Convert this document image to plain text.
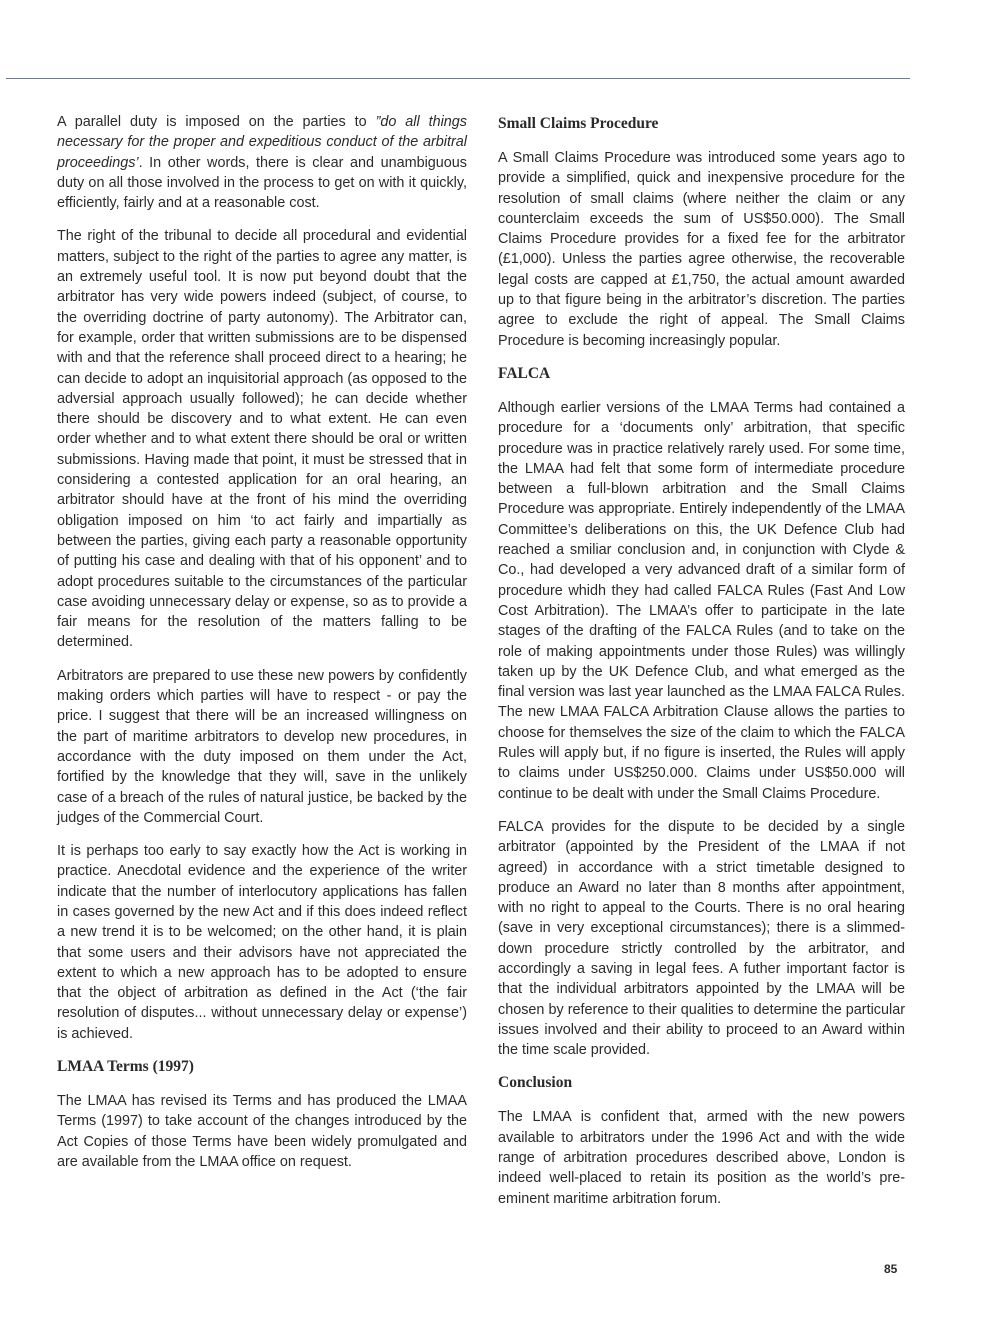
A parallel duty is imposed on the parties to ”do all things necessary for the proper and expeditious conduct of the arbitral proceedings’. In other words, there is clear and unambiguous duty on all those involved in the process to get on with it quickly, efficiently, fairly and at a reasonable cost.

The right of the tribunal to decide all procedural and evidential matters, subject to the right of the parties to agree any matter, is an extremely useful tool. It is now put beyond doubt that the arbitrator has very wide powers indeed (subject, of course, to the overriding doctrine of party autonomy). The Arbitrator can, for example, order that written submissions are to be dispensed with and that the reference shall proceed direct to a hearing; he can decide to adopt an inquisitorial approach (as opposed to the adversial approach usually followed); he can decide whether there should be discovery and to what extent. He can even order whether and to what extent there should be oral or written submissions. Having made that point, it must be stressed that in considering a contested application for an oral hearing, an arbitrator should have at the front of his mind the overriding obligation imposed on him ‘to act fairly and impartially as between the parties, giving each party a reasonable opportunity of putting his case and dealing with that of his opponent’ and to adopt procedures suitable to the circumstances of the particular case avoiding unnecessary delay or expense, so as to provide a fair means for the resolution of the matters falling to be determined.

Arbitrators are prepared to use these new powers by confidently making orders which parties will have to respect - or pay the price. I suggest that there will be an increased willingness on the part of maritime arbitrators to develop new procedures, in accordance with the duty imposed on them under the Act, fortified by the knowledge that they will, save in the unlikely case of a breach of the rules of natural justice, be backed by the judges of the Commercial Court.

It is perhaps too early to say exactly how the Act is working in practice. Anecdotal evidence and the experience of the writer indicate that the number of interlocutory applications has fallen in cases governed by the new Act and if this does indeed reflect a new trend it is to be welcomed; on the other hand, it is plain that some users and their advisors have not appreciated the extent to which a new approach has to be adopted to ensure that the object of arbitration as defined in the Act (‘the fair resolution of disputes... without unnecessary delay or expense’) is achieved.

LMAA Terms (1997)

The LMAA has revised its Terms and has produced the LMAA Terms (1997) to take account of the changes introduced by the Act Copies of those Terms have been widely promulgated and are available from the LMAA office on request.

Small Claims Procedure

A Small Claims Procedure was introduced some years ago to provide a simplified, quick and inexpensive procedure for the resolution of small claims (where neither the claim or any counterclaim exceeds the sum of US$50.000). The Small Claims Procedure provides for a fixed fee for the arbitrator (£1,000). Unless the parties agree otherwise, the recoverable legal costs are capped at £1,750, the actual amount awarded up to that figure being in the arbitrator’s discretion. The parties agree to exclude the right of appeal. The Small Claims Procedure is becoming increasingly popular.

FALCA

Although earlier versions of the LMAA Terms had contained a procedure for a ‘documents only’ arbitration, that specific procedure was in practice relatively rarely used. For some time, the LMAA had felt that some form of intermediate procedure between a full-blown arbitration and the Small Claims Procedure was appropriate. Entirely independently of the LMAA Committee’s deliberations on this, the UK Defence Club had reached a smiliar conclusion and, in conjunction with Clyde & Co., had developed a very advanced draft of a similar form of procedure whidh they had called FALCA Rules (Fast And Low Cost Arbitration). The LMAA’s offer to participate in the late stages of the drafting of the FALCA Rules (and to take on the role of making appointments under those Rules) was willingly taken up by the UK Defence Club, and what emerged as the final version was last year launched as the LMAA FALCA Rules. The new LMAA FALCA Arbitration Clause allows the parties to choose for themselves the size of the claim to which the FALCA Rules will apply but, if no figure is inserted, the Rules will apply to claims under US$250.000. Claims under US$50.000 will continue to be dealt with under the Small Claims Procedure.

FALCA provides for the dispute to be decided by a single arbitrator (appointed by the President of the LMAA if not agreed) in accordance with a strict timetable designed to produce an Award no later than 8 months after appointment, with no right to appeal to the Courts. There is no oral hearing (save in very exceptional circumstances); there is a slimmed-down procedure strictly controlled by the arbitrator, and accordingly a saving in legal fees. A futher important factor is that the individual arbitrators appointed by the LMAA will be chosen by reference to their qualities to determine the particular issues involved and their ability to proceed to an Award within the time scale provided.

Conclusion

The LMAA is confident that, armed with the new powers available to arbitrators under the 1996 Act and with the wide range of arbitration procedures described above, London is indeed well-placed to retain its position as the world’s pre-eminent maritime arbitration forum.

85
